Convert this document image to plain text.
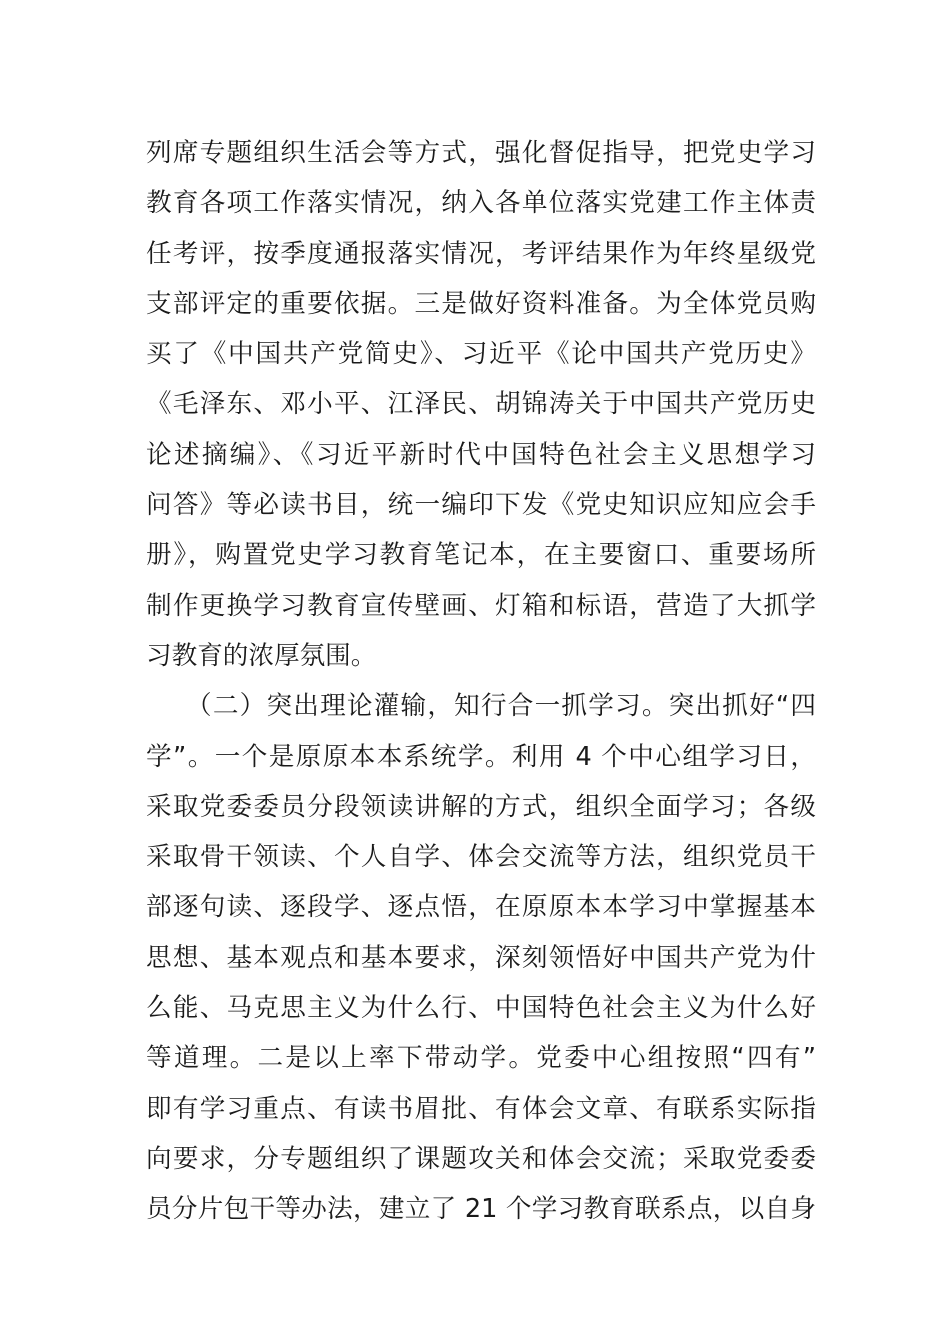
列席专题组织生活会等方式，强化督促指导，把党史学习
教育各项工作落实情况，纳入各单位落实党建工作主体责
任考评，按季度通报落实情况，考评结果作为年终星级党
支部评定的重要依据。三是做好资料准备。为全体党员购
买了《中国共产党简史》、习近平《论中国共产党历史》
《毛泽东、邓小平、江泽民、胡锦涛关于中国共产党历史
论述摘编》、《习近平新时代中国特色社会主义思想学习
问答》等必读书目，统一编印下发《党史知识应知应会手
册》，购置党史学习教育笔记本，在主要窗口、重要场所
制作更换学习教育宣传壁画、灯箱和标语，营造了大抓学
习教育的浓厚氛围。
（二）突出理论灌输，知行合一抓学习。突出抓好“四
学”。一个是原原本本系统学。利用 4 个中心组学习日，
采取党委委员分段领读讲解的方式，组织全面学习；各级
采取骨干领读、个人自学、体会交流等方法，组织党员干
部逐句读、逐段学、逐点悟，在原原本本学习中掌握基本
思想、基本观点和基本要求，深刻领悟好中国共产党为什
么能、马克思主义为什么行、中国特色社会主义为什么好
等道理。二是以上率下带动学。党委中心组按照“四有”
即有学习重点、有读书眉批、有体会文章、有联系实际指
向要求，分专题组织了课题攻关和体会交流；采取党委委
员分片包干等办法，建立了 21 个学习教育联系点，以自身
